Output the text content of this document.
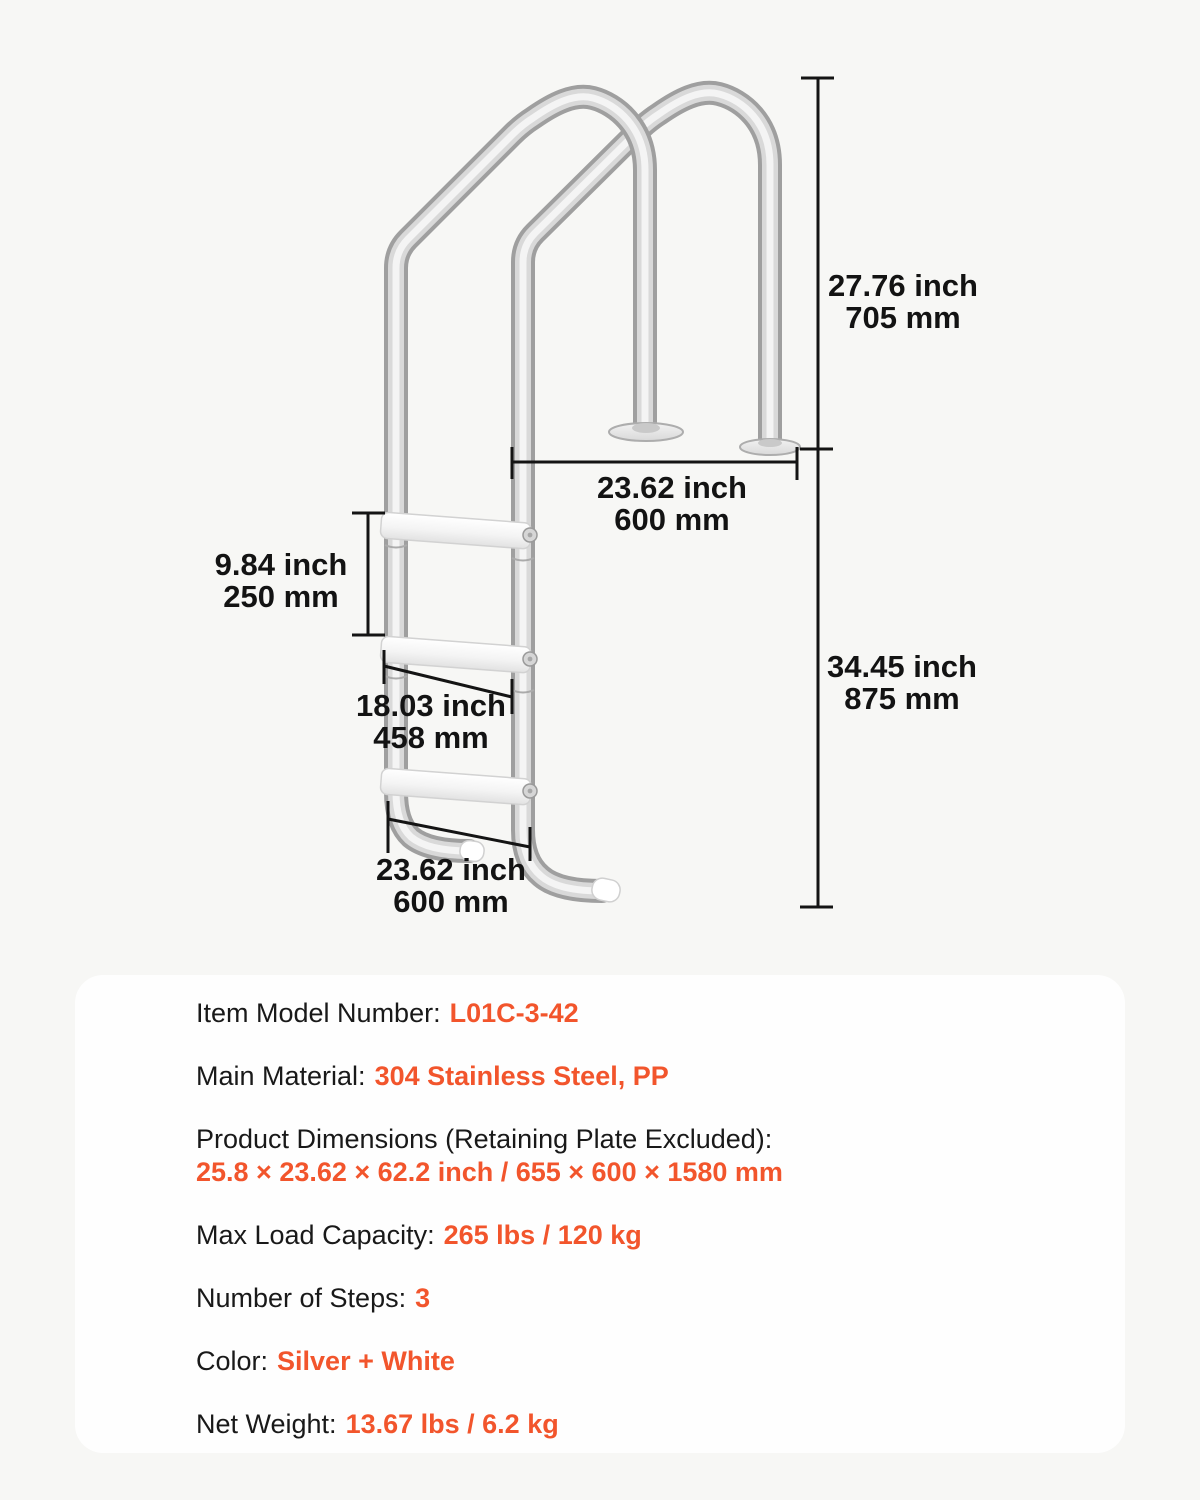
27.76 inch
705 mm
23.62 inch
600 mm
9.84 inch
250 mm
18.03 inch
458 mm
34.45 inch
875 mm
23.62 inch
600 mm
Item Model Number: L01C-3-42
Main Material: 304 Stainless Steel, PP
Product Dimensions (Retaining Plate Excluded):
25.8 × 23.62 × 62.2 inch / 655 × 600 × 1580 mm
Max Load Capacity: 265 lbs / 120 kg
Number of Steps: 3
Color: Silver + White
Net Weight: 13.67 lbs / 6.2 kg
